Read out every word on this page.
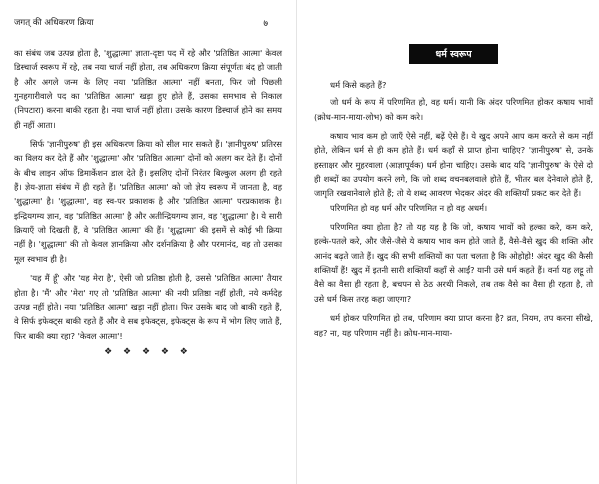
जगत् की अधिकरण क्रिया	७

का संबंध जब उत्पन्न होता है, 'शुद्धात्मा' ज्ञाता-दृष्टा पद में रहे और 'प्रतिष्ठित आत्मा' केवल डिस्चार्ज स्वरूप में रहे, तब नया चार्ज नहीं होता, तब अधिकरण क्रिया संपूर्णतः बंद हो जाती है और अगले जन्म के लिए नया 'प्रतिष्ठित आत्मा' नहीं बनता, फिर जो पिछली गुनहगारीवाले पद का 'प्रतिष्ठित आत्मा' खड़ा हुए होते हैं, उसका समभाव से निकाल (निपटारा) करना बाकी रहता है। नया चार्ज नहीं होता। उसके कारण डिस्चार्ज होने का समय ही नहीं आता।

सिर्फ 'ज्ञानीपुरुष' ही इस अधिकरण क्रिया को सील मार सकते हैं। 'ज्ञानीपुरुष' प्रतिरस का विलय कर देते हैं और 'शुद्धात्मा' और 'प्रतिष्ठित आत्मा' दोनों को अलग कर देते हैं। दोनों के बीच लाइन ऑफ डिमार्केशन डाल देते हैं। इसलिए दोनों निरंतर बिल्कुल अलग ही रहते हैं। ज्ञेय-ज्ञाता संबंध में ही रहते हैं। 'प्रतिष्ठित आत्मा' को जो ज्ञेय स्वरूप में जानता है, वह 'शुद्धात्मा' है। 'शुद्धात्मा', वह स्व-पर प्रकाशक है और 'प्रतिष्ठित आत्मा' परप्रकाशक है। इन्द्रियगम्य ज्ञान, वह 'प्रतिष्ठित आत्मा' है और अतीन्द्रियगम्य ज्ञान, वह 'शुद्धात्मा' है। ये सारी क्रियाएँ जो दिखती हैं, वे 'प्रतिष्ठित आत्मा' की हैं। 'शुद्धात्मा' की इसमें से कोई भी क्रिया नहीं है। 'शुद्धात्मा' की तो केवल ज्ञानक्रिया और दर्शनक्रिया है और परमानंद, वह तो उसका मूल स्वभाव ही है।

'यह मैं हूँ' और 'यह मेरा है', ऐसी जो प्रतिष्ठा होती है, उससे 'प्रतिष्ठित आत्मा' तैयार होता है। 'मैं' और 'मेरा' गए तो 'प्रतिष्ठित आत्मा' की नयी प्रतिष्ठा नहीं होती, नये कर्मदेह उत्पन्न नहीं होते। नया 'प्रतिष्ठित आत्मा' खड़ा नहीं होता। फिर उसके बाद जो बाकी रहते हैं, वे सिर्फ इफेक्ट्स बाकी रहते हैं और वे सब इफेक्ट्स, इफेक्ट्स के रूप में भोग लिए जाते हैं, फिर बाकी क्या रहा? 'केवल आत्मा'!

❖ ❖ ❖ ❖ ❖
धर्म स्वरूप

धर्म किसे कहते हैं?

जो धर्म के रूप में परिणमित हो, वह धर्म। यानी कि अंदर परिणमित होकर कषाय भावों (क्रोध-मान-माया-लोभ) को कम करे।

कषाय भाव कम हो जाएँ ऐसे नहीं, बढ़ें ऐसे हैं। ये खुद अपने आप कम करते से कम नहीं होते, लेकिन धर्म से ही कम होते हैं। धर्म कहाँ से प्राप्त होना चाहिए? 'ज्ञानीपुरुष' से, उनके हस्ताक्षर और मुहरवाला (आज्ञापूर्वक) धर्म होना चाहिए। उसके बाद यदि 'ज्ञानीपुरुष' के ऐसे दो ही शब्दों का उपयोग करने लगे, कि जो शब्द वचनबलवाले होते हैं, भीतर बल देनेवाले होते हैं, जागृति रखवानेवाले होते हैं; तो ये शब्द आवरण भेदकर अंदर की शक्तियाँ प्रकट कर देते हैं।

परिणमित हो वह धर्म और परिणमित न हो वह अधर्म।

परिणमित क्या होता है? तो यह यह है कि जो, कषाय भावों को हल्का करे, कम करे, हल्के-पतले करे, और जैसे-जैसे ये कषाय भाव कम होते जाते हैं, वैसे-वैसे खुद की शक्ति और आनंद बढ़ते जाते हैं। खुद की सभी शक्तियों का पता चलता है कि ओहोहो! अंदर खुद की कैसी शक्तियाँ हैं! खुद में इतनी सारी शक्तियाँ कहाँ से आईं? यानी उसे धर्म कहते हैं। वर्ना यह लट्टू तो वैसे का वैसा ही रहता है, बचपन से ठेठ अरथी निकले, तब तक वैसे का वैसा ही रहता है, तो उसे धर्म किस तरह कहा जाएगा?

धर्म होकर परिणमित हो तब, परिणाम क्या प्राप्त करना है? व्रत, नियम, तप करना सीखे, वह? ना, यह परिणाम नहीं है। क्रोध-मान-माया-
